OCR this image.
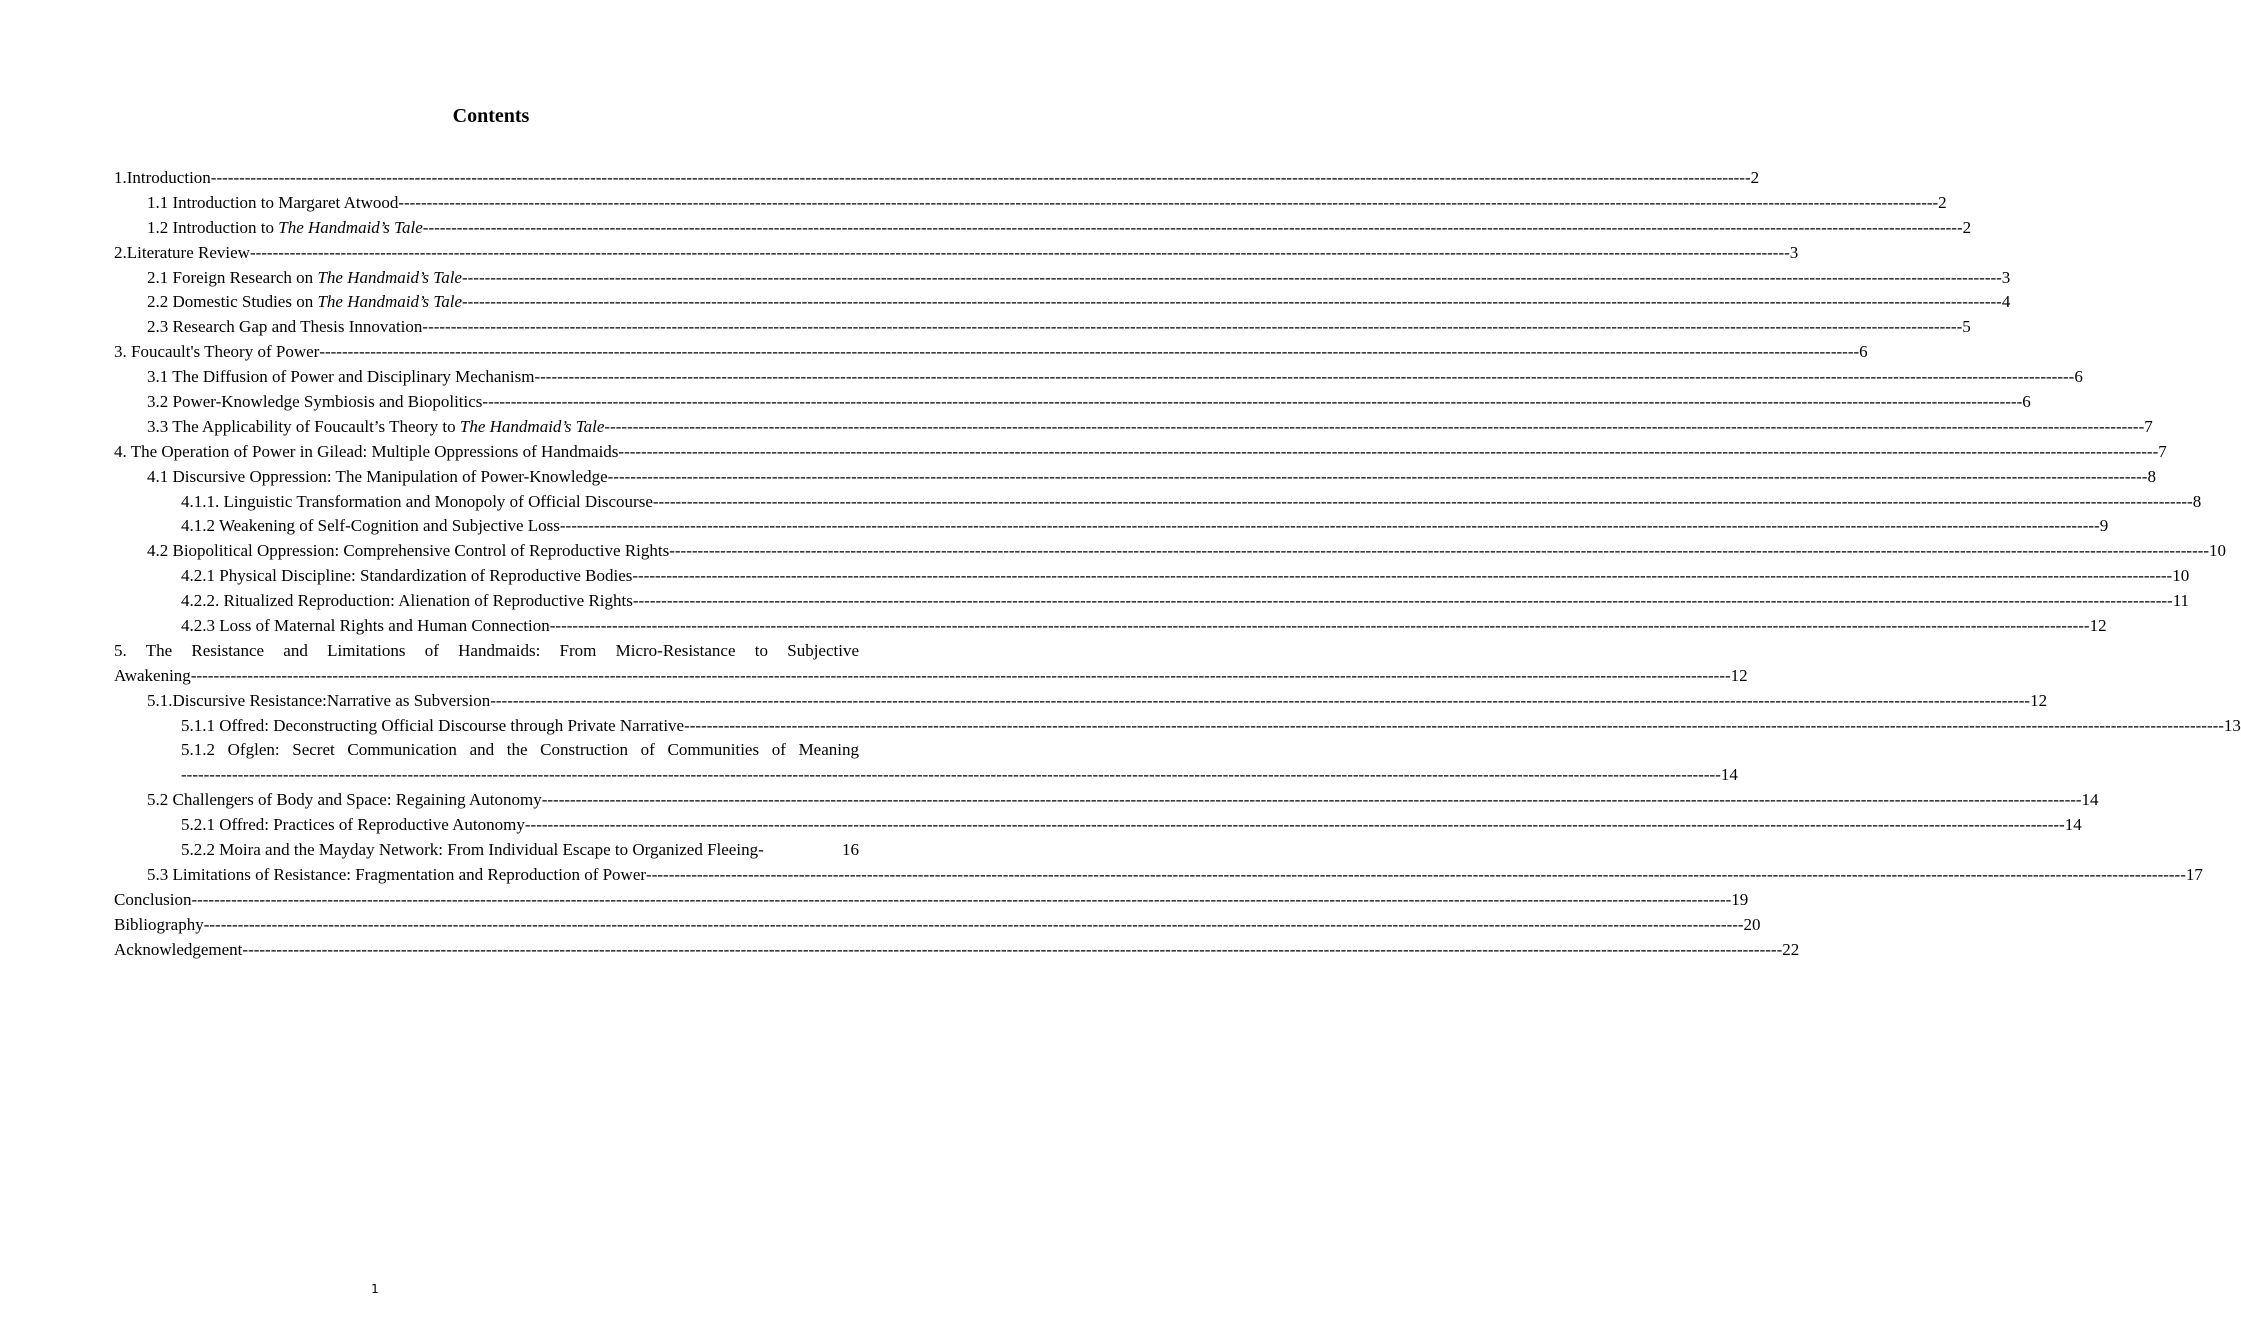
Contents
1.Introduction -------------------------------------------------------------------------------------------------------------------------------------------------------------------------------------------------------------------------------------------------------------------------------- 2
1.1 Introduction to Margaret Atwood -------------------------------------------------------------------------------------------------------------------------------------------------------------------------------------------------------------------------------------------------------------------------------- 2
1.2 Introduction to The Handmaid’s Tale -------------------------------------------------------------------------------------------------------------------------------------------------------------------------------------------------------------------------------------------------------------------------------- 2
2.Literature Review -------------------------------------------------------------------------------------------------------------------------------------------------------------------------------------------------------------------------------------------------------------------------------- 3
2.1 Foreign Research on The Handmaid’s Tale -------------------------------------------------------------------------------------------------------------------------------------------------------------------------------------------------------------------------------------------------------------------------------- 3
2.2 Domestic Studies on The Handmaid’s Tale -------------------------------------------------------------------------------------------------------------------------------------------------------------------------------------------------------------------------------------------------------------------------------- 4
2.3 Research Gap and Thesis Innovation -------------------------------------------------------------------------------------------------------------------------------------------------------------------------------------------------------------------------------------------------------------------------------- 5
3. Foucault's Theory of Power -------------------------------------------------------------------------------------------------------------------------------------------------------------------------------------------------------------------------------------------------------------------------------- 6
3.1 The Diffusion of Power and Disciplinary Mechanism -------------------------------------------------------------------------------------------------------------------------------------------------------------------------------------------------------------------------------------------------------------------------------- 6
3.2 Power-Knowledge Symbiosis and Biopolitics -------------------------------------------------------------------------------------------------------------------------------------------------------------------------------------------------------------------------------------------------------------------------------- 6
3.3 The Applicability of Foucault’s Theory to The Handmaid’s Tale -------------------------------------------------------------------------------------------------------------------------------------------------------------------------------------------------------------------------------------------------------------------------------- 7
4. The Operation of Power in Gilead: Multiple Oppressions of Handmaids -------------------------------------------------------------------------------------------------------------------------------------------------------------------------------------------------------------------------------------------------------------------------------- 7
4.1 Discursive Oppression: The Manipulation of Power-Knowledge -------------------------------------------------------------------------------------------------------------------------------------------------------------------------------------------------------------------------------------------------------------------------------- 8
4.1.1. Linguistic Transformation and Monopoly of Official Discourse -------------------------------------------------------------------------------------------------------------------------------------------------------------------------------------------------------------------------------------------------------------------------------- 8
4.1.2 Weakening of Self-Cognition and Subjective Loss -------------------------------------------------------------------------------------------------------------------------------------------------------------------------------------------------------------------------------------------------------------------------------- 9
4.2 Biopolitical Oppression: Comprehensive Control of Reproductive Rights -------------------------------------------------------------------------------------------------------------------------------------------------------------------------------------------------------------------------------------------------------------------------------- 10
4.2.1 Physical Discipline: Standardization of Reproductive Bodies -------------------------------------------------------------------------------------------------------------------------------------------------------------------------------------------------------------------------------------------------------------------------------- 10
4.2.2. Ritualized Reproduction: Alienation of Reproductive Rights -------------------------------------------------------------------------------------------------------------------------------------------------------------------------------------------------------------------------------------------------------------------------------- 11
4.2.3 Loss of Maternal Rights and Human Connection -------------------------------------------------------------------------------------------------------------------------------------------------------------------------------------------------------------------------------------------------------------------------------- 12
5. The Resistance and Limitations of Handmaids: From Micro-Resistance to Subjective
Awakening -------------------------------------------------------------------------------------------------------------------------------------------------------------------------------------------------------------------------------------------------------------------------------- 12
5.1.Discursive Resistance:Narrative as Subversion -------------------------------------------------------------------------------------------------------------------------------------------------------------------------------------------------------------------------------------------------------------------------------- 12
5.1.1 Offred: Deconstructing Official Discourse through Private Narrative -------------------------------------------------------------------------------------------------------------------------------------------------------------------------------------------------------------------------------------------------------------------------------- 13
5.1.2 Ofglen: Secret Communication and the Construction of Communities of Meaning
-------------------------------------------------------------------------------------------------------------------------------------------------------------------------------------------------------------------------------------------------------------------------------- 14
5.2 Challengers of Body and Space: Regaining Autonomy -------------------------------------------------------------------------------------------------------------------------------------------------------------------------------------------------------------------------------------------------------------------------------- 14
5.2.1 Offred: Practices of Reproductive Autonomy -------------------------------------------------------------------------------------------------------------------------------------------------------------------------------------------------------------------------------------------------------------------------------- 14
5.2.2 Moira and the Mayday Network: From Individual Escape to Organized Fleeing-	16
5.3 Limitations of Resistance: Fragmentation and Reproduction of Power -------------------------------------------------------------------------------------------------------------------------------------------------------------------------------------------------------------------------------------------------------------------------------- 17
Conclusion -------------------------------------------------------------------------------------------------------------------------------------------------------------------------------------------------------------------------------------------------------------------------------- 19
Bibliography -------------------------------------------------------------------------------------------------------------------------------------------------------------------------------------------------------------------------------------------------------------------------------- 20
Acknowledgement -------------------------------------------------------------------------------------------------------------------------------------------------------------------------------------------------------------------------------------------------------------------------------- 22
1
